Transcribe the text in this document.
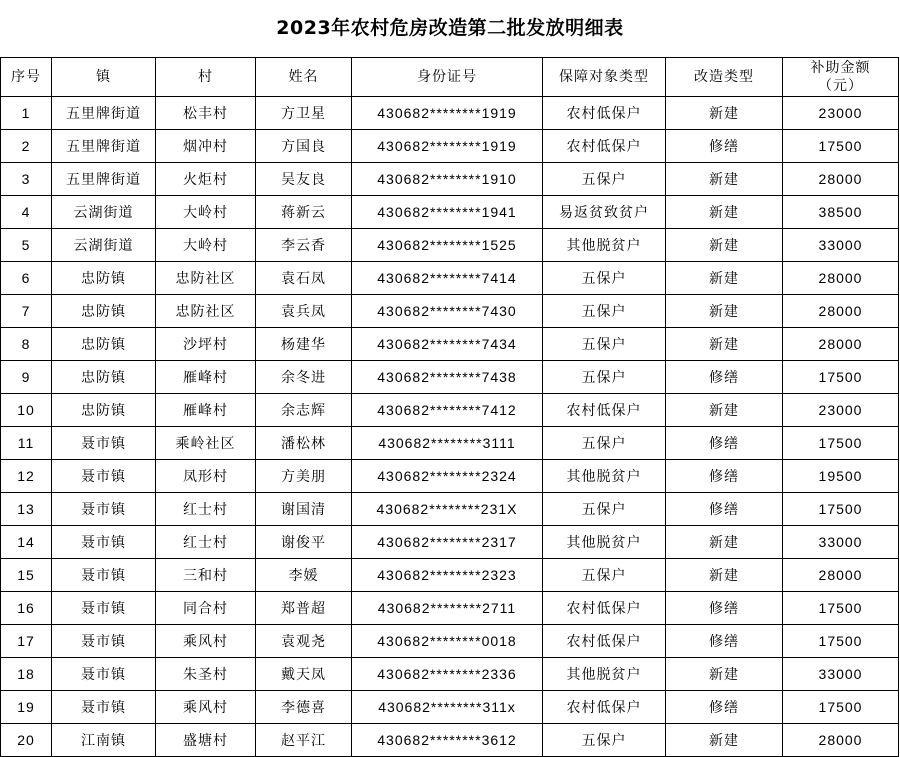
2023年农村危房改造第二批发放明细表
序号	镇	村	姓名	身份证号	保障对象类型	改造类型	补助金额
（元）

1	五里牌街道	松丰村	方卫星	430682********1919	农村低保户	新建	23000
2	五里牌街道	烟冲村	方国良	430682********1919	农村低保户	修缮	17500
3	五里牌街道	火炬村	吴友良	430682********1910	五保户	新建	28000
4	云湖街道	大岭村	蒋新云	430682********1941	易返贫致贫户	新建	38500
5	云湖街道	大岭村	李云香	430682********1525	其他脱贫户	新建	33000
6	忠防镇	忠防社区	袁石凤	430682********7414	五保户	新建	28000
7	忠防镇	忠防社区	袁兵凤	430682********7430	五保户	新建	28000
8	忠防镇	沙坪村	杨建华	430682********7434	五保户	新建	28000
9	忠防镇	雁峰村	余冬进	430682********7438	五保户	修缮	17500
10	忠防镇	雁峰村	余志辉	430682********7412	农村低保户	新建	23000
11	聂市镇	乘岭社区	潘松林	430682********3111	五保户	修缮	17500
12	聂市镇	凤形村	方美朋	430682********2324	其他脱贫户	修缮	19500
13	聂市镇	红士村	谢国清	430682********231X	五保户	修缮	17500
14	聂市镇	红士村	谢俊平	430682********2317	其他脱贫户	新建	33000
15	聂市镇	三和村	李媛	430682********2323	五保户	新建	28000
16	聂市镇	同合村	郑普超	430682********2711	农村低保户	修缮	17500
17	聂市镇	乘风村	袁观尧	430682********0018	农村低保户	修缮	17500
18	聂市镇	朱圣村	戴天凤	430682********2336	其他脱贫户	新建	33000
19	聂市镇	乘风村	李德喜	430682********311x	农村低保户	修缮	17500
20	江南镇	盛塘村	赵平江	430682********3612	五保户	新建	28000
